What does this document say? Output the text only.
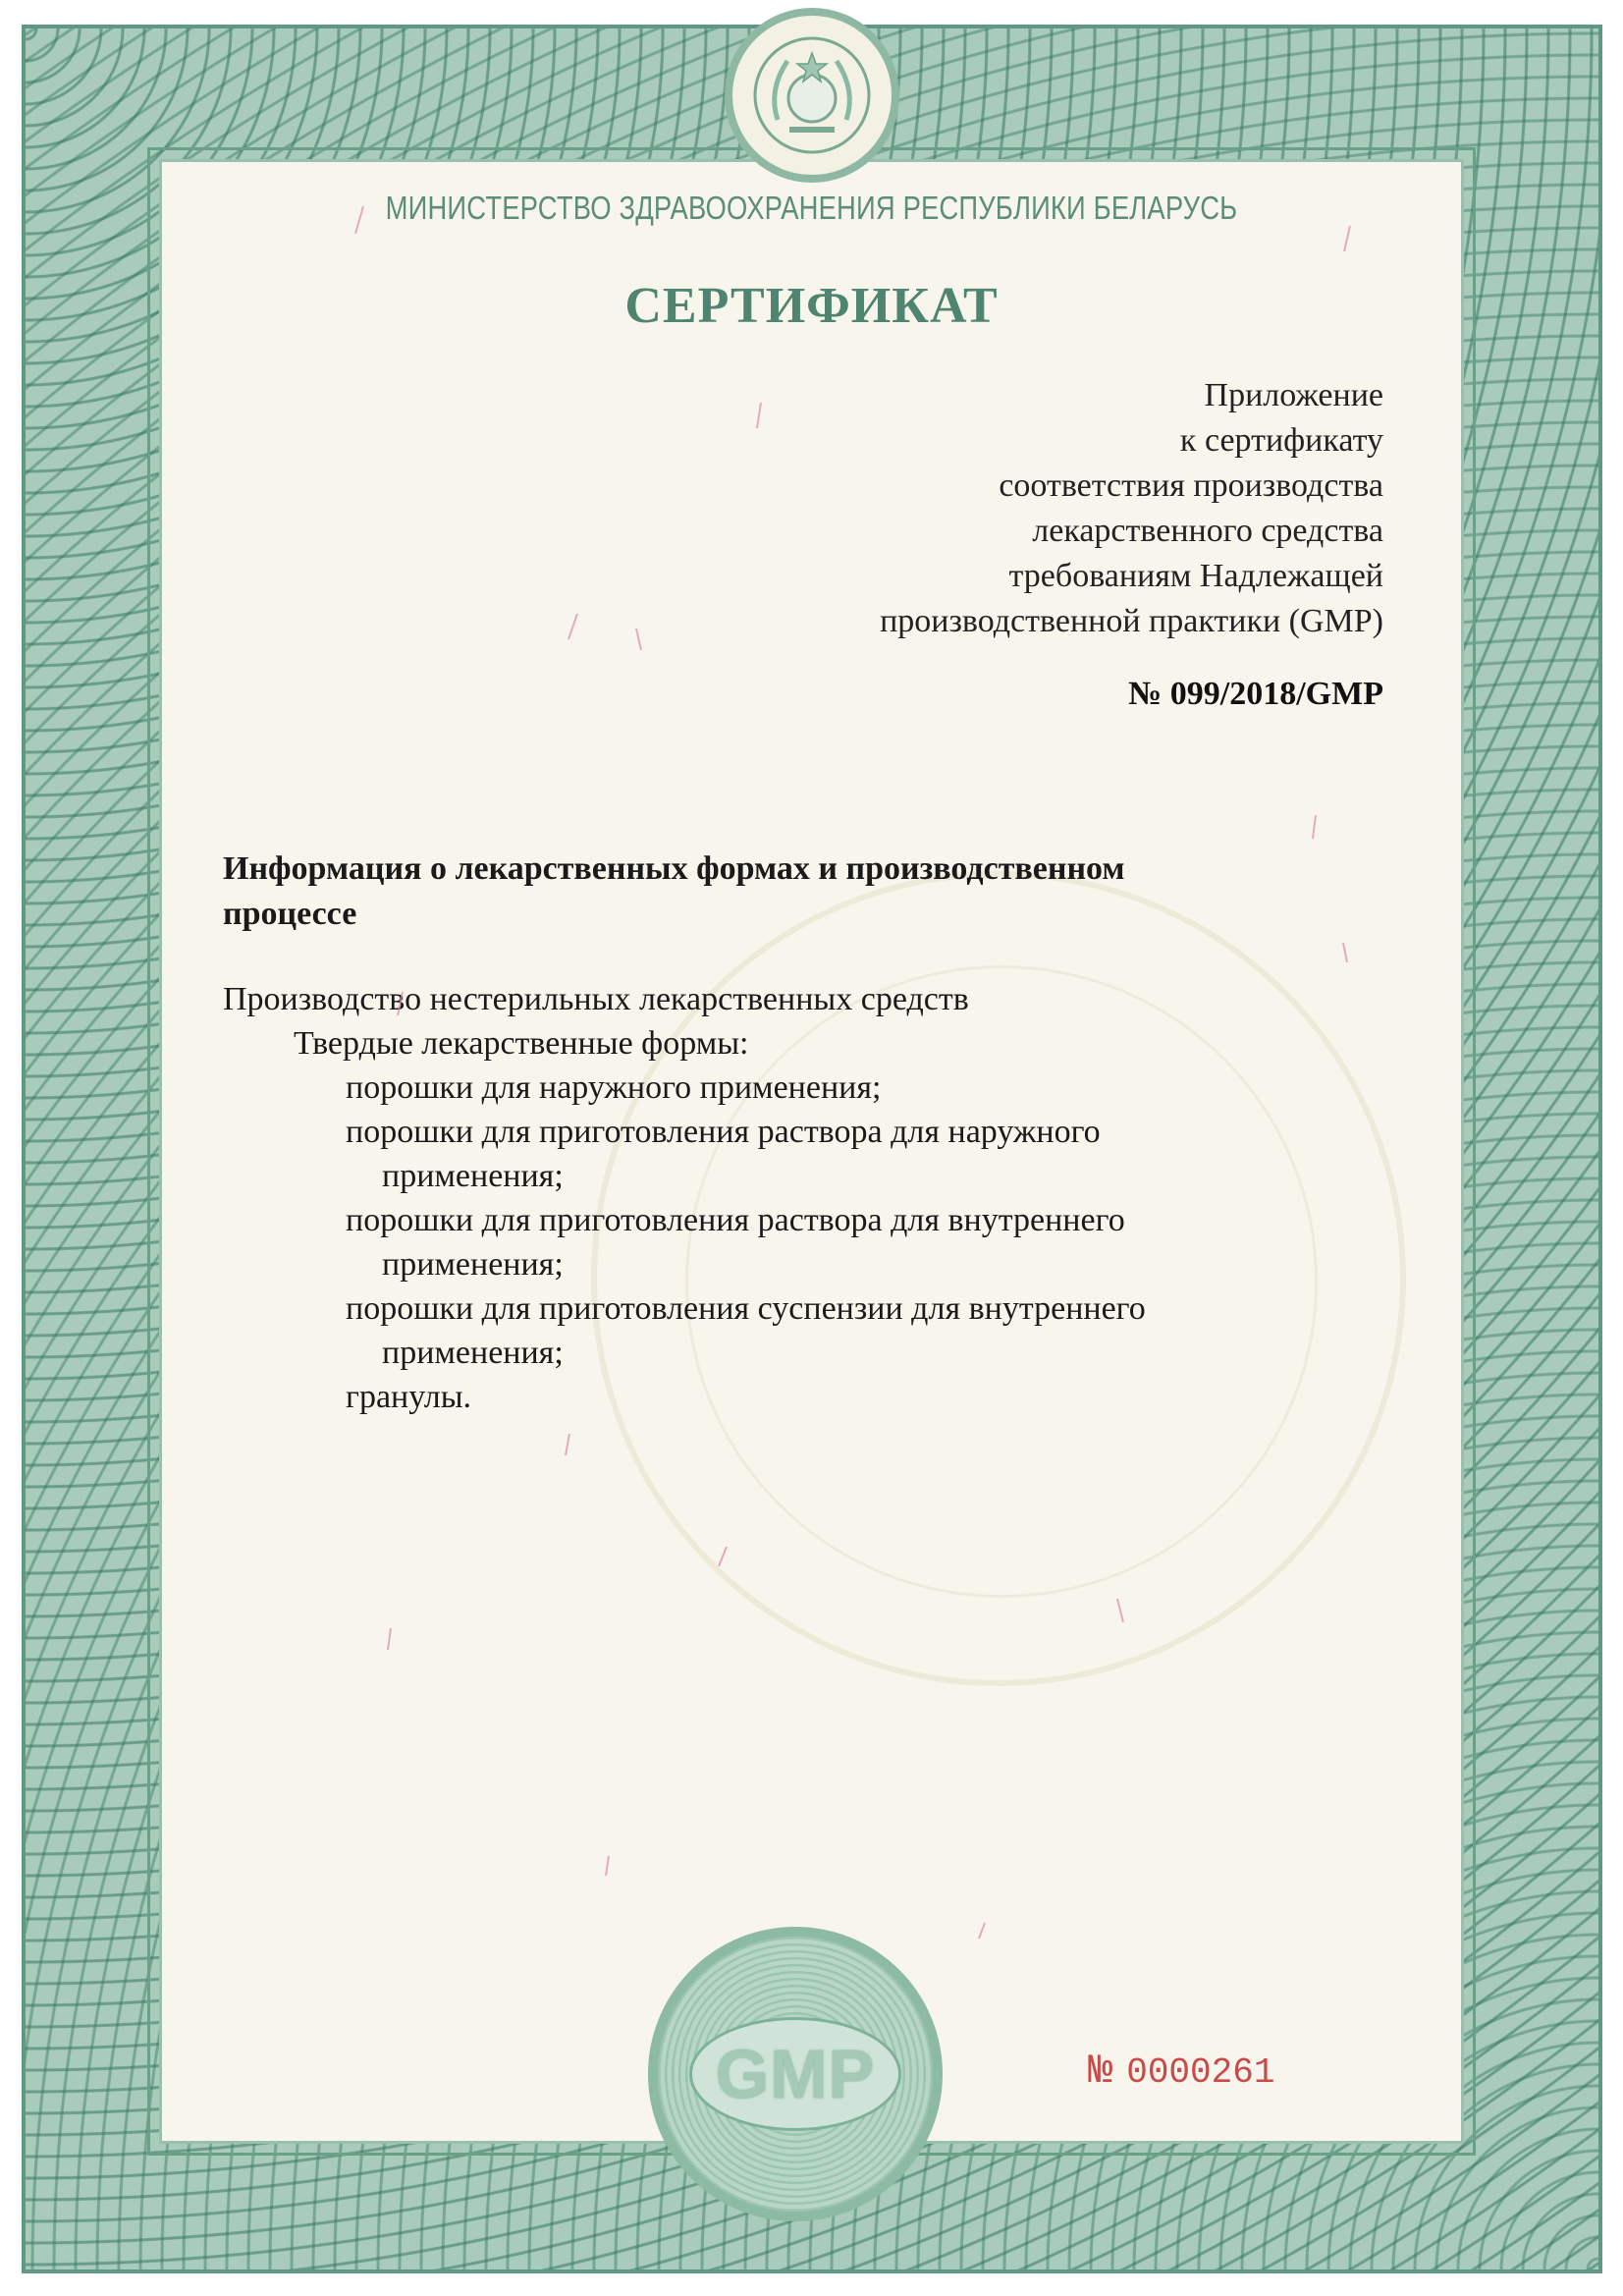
МИНИСТЕРСТВО ЗДРАВООХРАНЕНИЯ РЕСПУБЛИКИ БЕЛАРУСЬ
СЕРТИФИКАТ
Приложение
к сертификату
соответствия производства
лекарственного средства
требованиям Надлежащей
производственной практики (GMP)
№ 099/2018/GMP
Информация о лекарственных формах и производственном
процессе
Производство нестерильных лекарственных средств
Твердые лекарственные формы:
порошки для наружного применения;
порошки для приготовления раствора для наружного
применения;
порошки для приготовления раствора для внутреннего
применения;
порошки для приготовления суспензии для внутреннего
применения;
гранулы.
GMP	№ 0000261
